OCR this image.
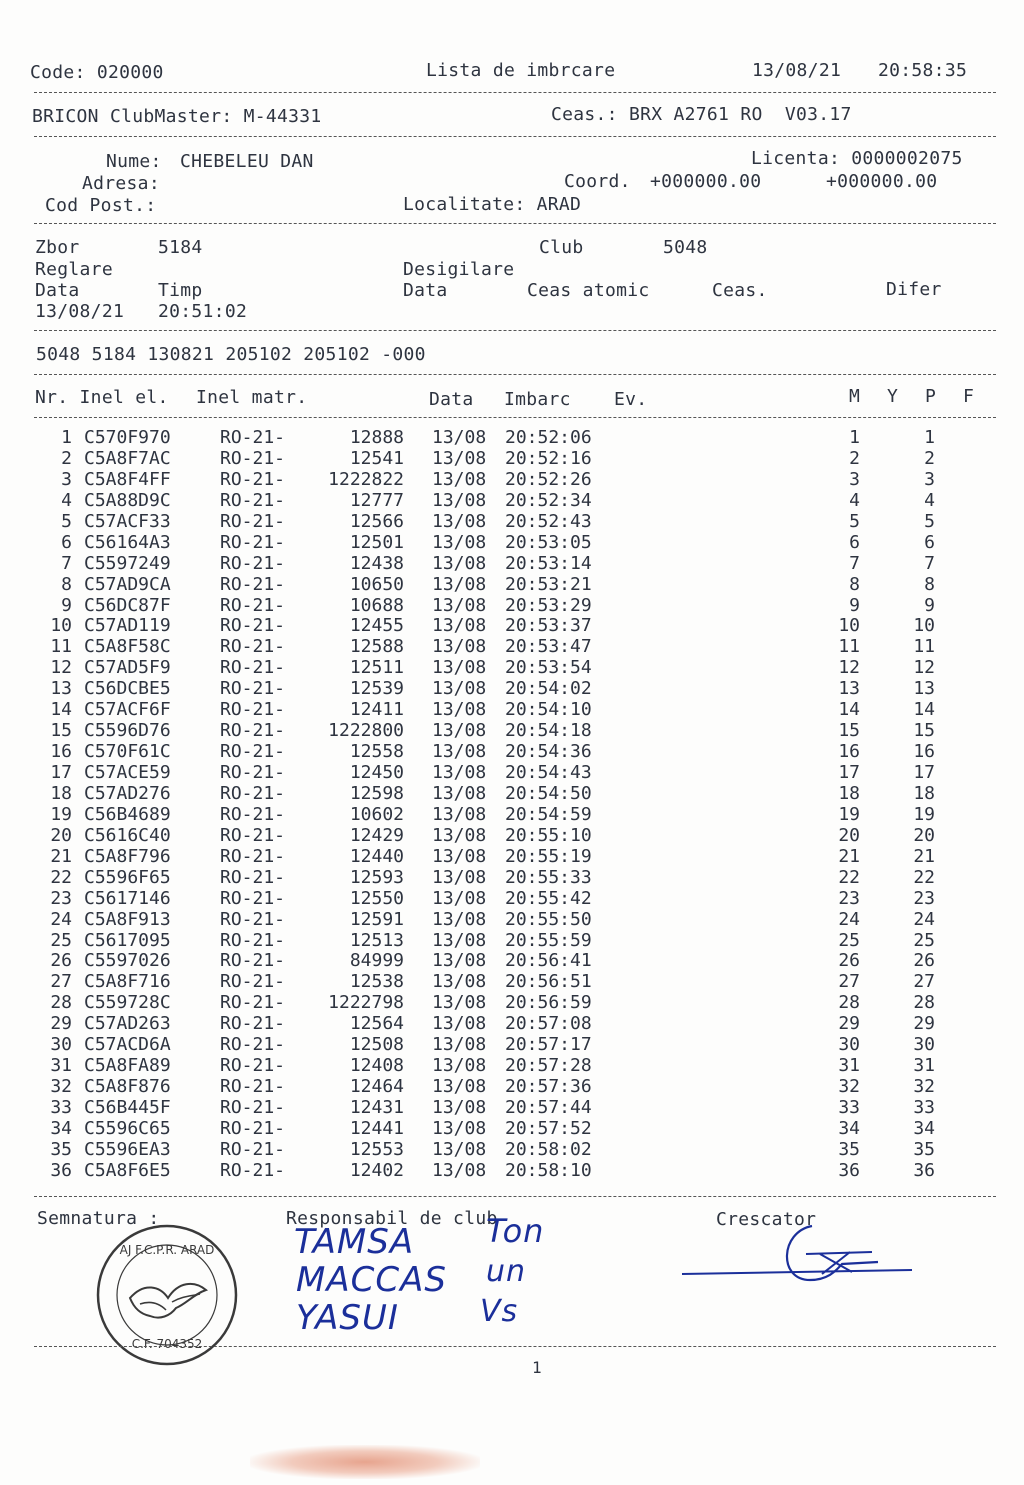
Code: 020000	Lista de imbrcare	13/08/21 20:58:35
BRICON ClubMaster: M-44331	Ceas.: BRX A2761 RO  V03.17
Nume: CHEBELEU DAN	Licenta: 0000002075
Adresa:	Coord. +000000.00	+000000.00
Cod Post.:	Localitate: ARAD
Zbor	5184	Club	5048
Reglare	Desigilare
Data	Timp	Data	Ceas atomic	Ceas.	Difer
13/08/21 20:51:02
5048 5184 130821 205102 205102 -000
Nr. Inel el. Inel matr.	Data Imbarc Ev.	M Y P F
1 C570F970	RO-21-	12888 13/08 20:52:06	1	1
2 C5A8F7AC	RO-21-	12541 13/08 20:52:16	2	2
3 C5A8F4FF	RO-21-	1222822 13/08 20:52:26	3	3
4 C5A88D9C	RO-21-	12777 13/08 20:52:34	4	4
5 C57ACF33	RO-21-	12566 13/08 20:52:43	5	5
6 C56164A3	RO-21-	12501 13/08 20:53:05	6	6
7 C5597249	RO-21-	12438 13/08 20:53:14	7	7
8 C57AD9CA	RO-21-	10650 13/08 20:53:21	8	8
9 C56DC87F	RO-21-	10688 13/08 20:53:29	9	9
10 C57AD119	RO-21-	12455 13/08 20:53:37	10	10
11 C5A8F58C	RO-21-	12588 13/08 20:53:47	11	11
12 C57AD5F9	RO-21-	12511 13/08 20:53:54	12	12
13 C56DCBE5	RO-21-	12539 13/08 20:54:02	13	13
14 C57ACF6F	RO-21-	12411 13/08 20:54:10	14	14
15 C5596D76	RO-21-	1222800 13/08 20:54:18	15	15
16 C570F61C	RO-21-	12558 13/08 20:54:36	16	16
17 C57ACE59	RO-21-	12450 13/08 20:54:43	17	17
18 C57AD276	RO-21-	12598 13/08 20:54:50	18	18
19 C56B4689	RO-21-	10602 13/08 20:54:59	19	19
20 C5616C40	RO-21-	12429 13/08 20:55:10	20	20
21 C5A8F796	RO-21-	12440 13/08 20:55:19	21	21
22 C5596F65	RO-21-	12593 13/08 20:55:33	22	22
23 C5617146	RO-21-	12550 13/08 20:55:42	23	23
24 C5A8F913	RO-21-	12591 13/08 20:55:50	24	24
25 C5617095	RO-21-	12513 13/08 20:55:59	25	25
26 C5597026	RO-21-	84999 13/08 20:56:41	26	26
27 C5A8F716	RO-21-	12538 13/08 20:56:51	27	27
28 C559728C	RO-21-	1222798 13/08 20:56:59	28	28
29 C57AD263	RO-21-	12564 13/08 20:57:08	29	29
30 C57ACD6A	RO-21-	12508 13/08 20:57:17	30	30
31 C5A8FA89	RO-21-	12408 13/08 20:57:28	31	31
32 C5A8F876	RO-21-	12464 13/08 20:57:36	32	32
33 C56B445F	RO-21-	12431 13/08 20:57:44	33	33
34 C5596C65	RO-21-	12441 13/08 20:57:52	34	34
35 C5596EA3	RO-21-	12553 13/08 20:58:02	35	35
36 C5A8F6E5	RO-21-	12402 13/08 20:58:10	36	36
Semnatura :	Responsabil de club	Crescator
TAMSA
MACCAS
YASUI
Ton
un
Vs
AJ F.C.P.R. ARAD
C.F. 704352
1
